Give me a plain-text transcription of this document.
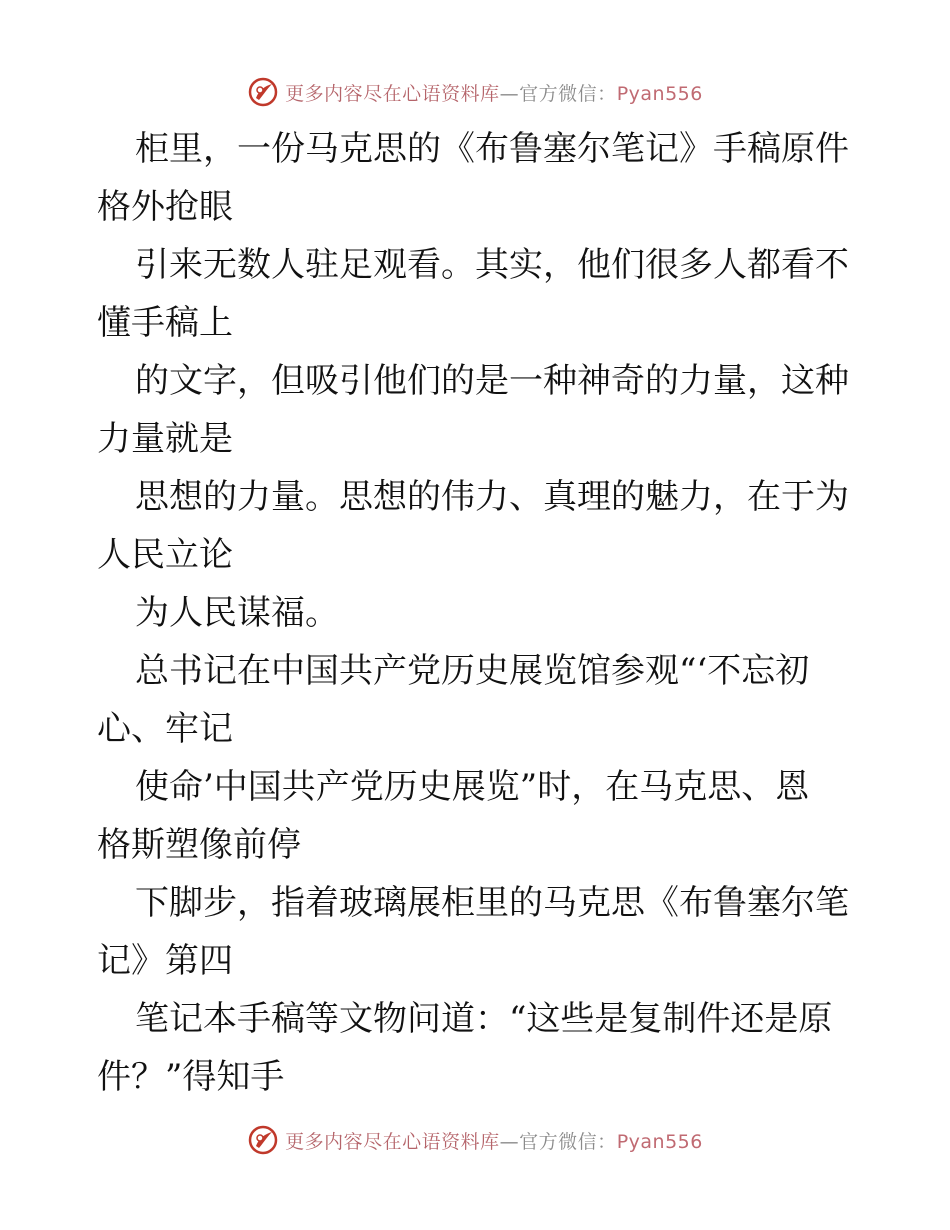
更多内容尽在心语资料库—官方微信：Pyan556

柜里，一份马克思的《布鲁塞尔笔记》手稿原件
格外抢眼

引来无数人驻足观看。其实，他们很多人都看不
懂手稿上

的文字，但吸引他们的是一种神奇的力量，这种
力量就是

思想的力量。思想的伟力、真理的魅力，在于为
人民立论

为人民谋福。

总书记在中国共产党历史展览馆参观“‘不忘初
心、牢记

使命’中国共产党历史展览”时，在马克思、恩
格斯塑像前停

下脚步，指着玻璃展柜里的马克思《布鲁塞尔笔
记》第四

笔记本手稿等文物问道：“这些是复制件还是原
件？”得知手

更多内容尽在心语资料库—官方微信：Pyan556
